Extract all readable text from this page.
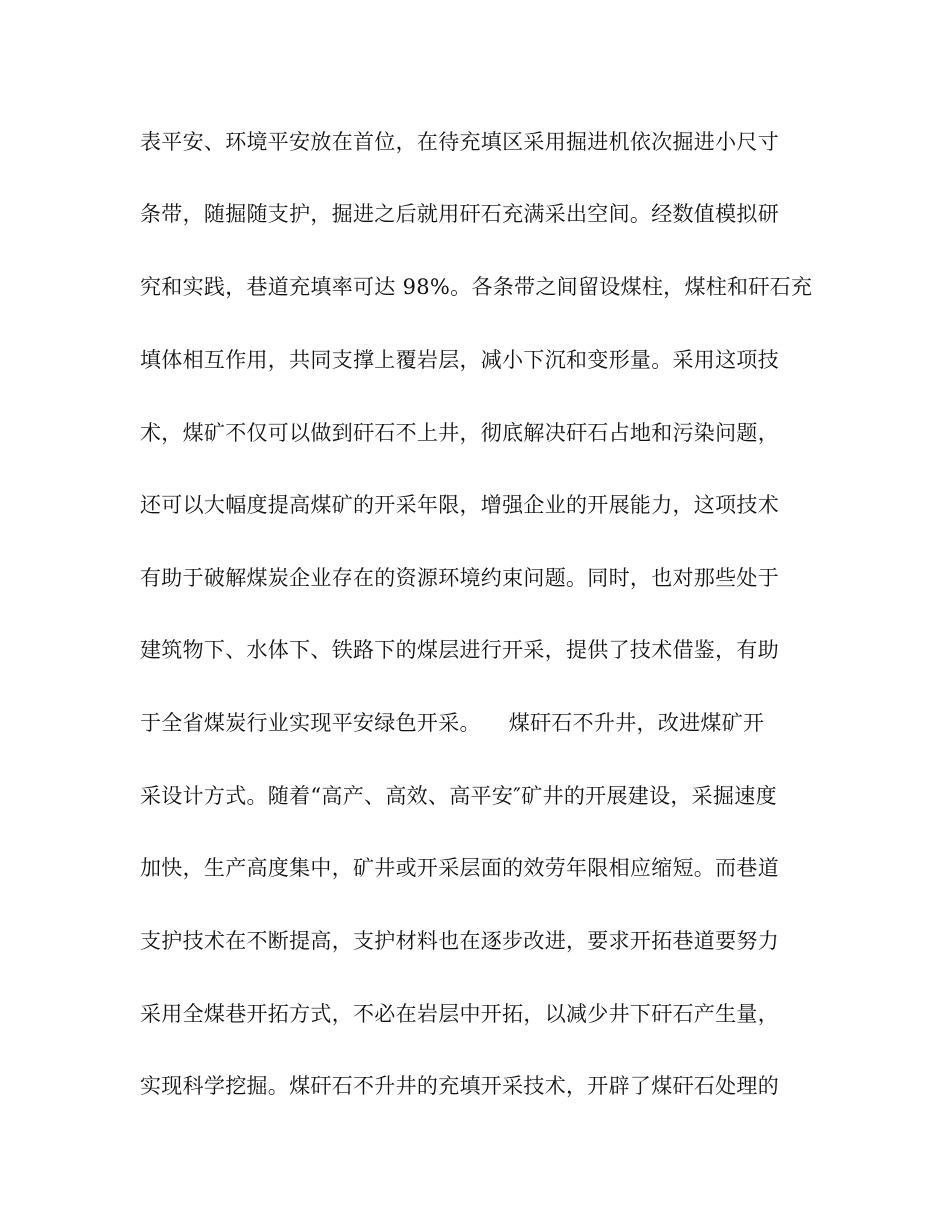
表平安、环境平安放在首位，在待充填区采用掘进机依次掘进小尺寸
条带，随掘随支护，掘进之后就用矸石充满采出空间。经数值模拟研
究和实践，巷道充填率可达 98%。各条带之间留设煤柱，煤柱和矸石充
填体相互作用，共同支撑上覆岩层，减小下沉和变形量。采用这项技
术，煤矿不仅可以做到矸石不上井，彻底解决矸石占地和污染问题，
还可以大幅度提高煤矿的开采年限，增强企业的开展能力，这项技术
有助于破解煤炭企业存在的资源环境约束问题。同时，也对那些处于
建筑物下、水体下、铁路下的煤层进行开采，提供了技术借鉴，有助
于全省煤炭行业实现平安绿色开采。    煤矸石不升井，改进煤矿开
采设计方式。随着“高产、高效、高平安″矿井的开展建设，采掘速度
加快，生产高度集中，矿井或开采层面的效劳年限相应缩短。而巷道
支护技术在不断提高，支护材料也在逐步改进，要求开拓巷道要努力
采用全煤巷开拓方式，不必在岩层中开拓，以减少井下矸石产生量，
实现科学挖掘。煤矸石不升井的充填开采技术，开辟了煤矸石处理的
